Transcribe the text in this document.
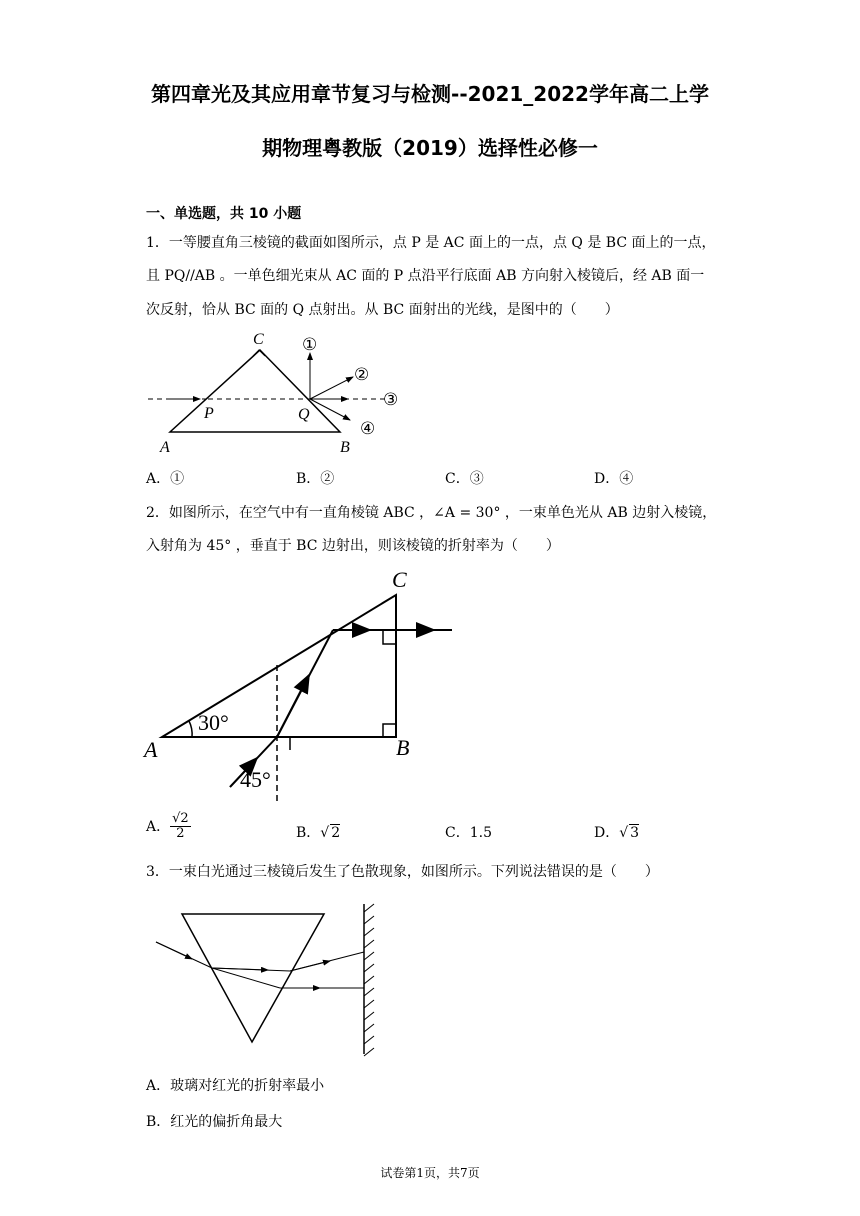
第四章光及其应用章节复习与检测--2021_2022学年高二上学
期物理粤教版（2019）选择性必修一
一、单选题，共 10 小题
1．一等腰直角三棱镜的截面如图所示，点 P 是 AC 面上的一点，点 Q 是 BC 面上的一点，
且 PQ//AB 。一单色细光束从 AC 面的 P 点沿平行底面 AB 方向射入棱镜后，经 AB 面一
次反射，恰从 BC 面的 Q 点射出。从 BC 面射出的光线，是图中的（　　）
C
P	Q
A	B
①
②
③
④
A．①	B．②	C．③	D．④
2．如图所示，在空气中有一直角棱镜 ABC ，∠A = 30° ，一束单色光从 AB 边射入棱镜，
入射角为 45° ，垂直于 BC 边射出，则该棱镜的折射率为（　　）
A	B
C
30°
45°
A． $\frac{√2}{2}$	B．√ 2	C．1.5	D．√ 3
3．一束白光通过三棱镜后发生了色散现象，如图所示。下列说法错误的是（　　）
A．玻璃对红光的折射率最小
B．红光的偏折角最大
试卷第1页，共7页
